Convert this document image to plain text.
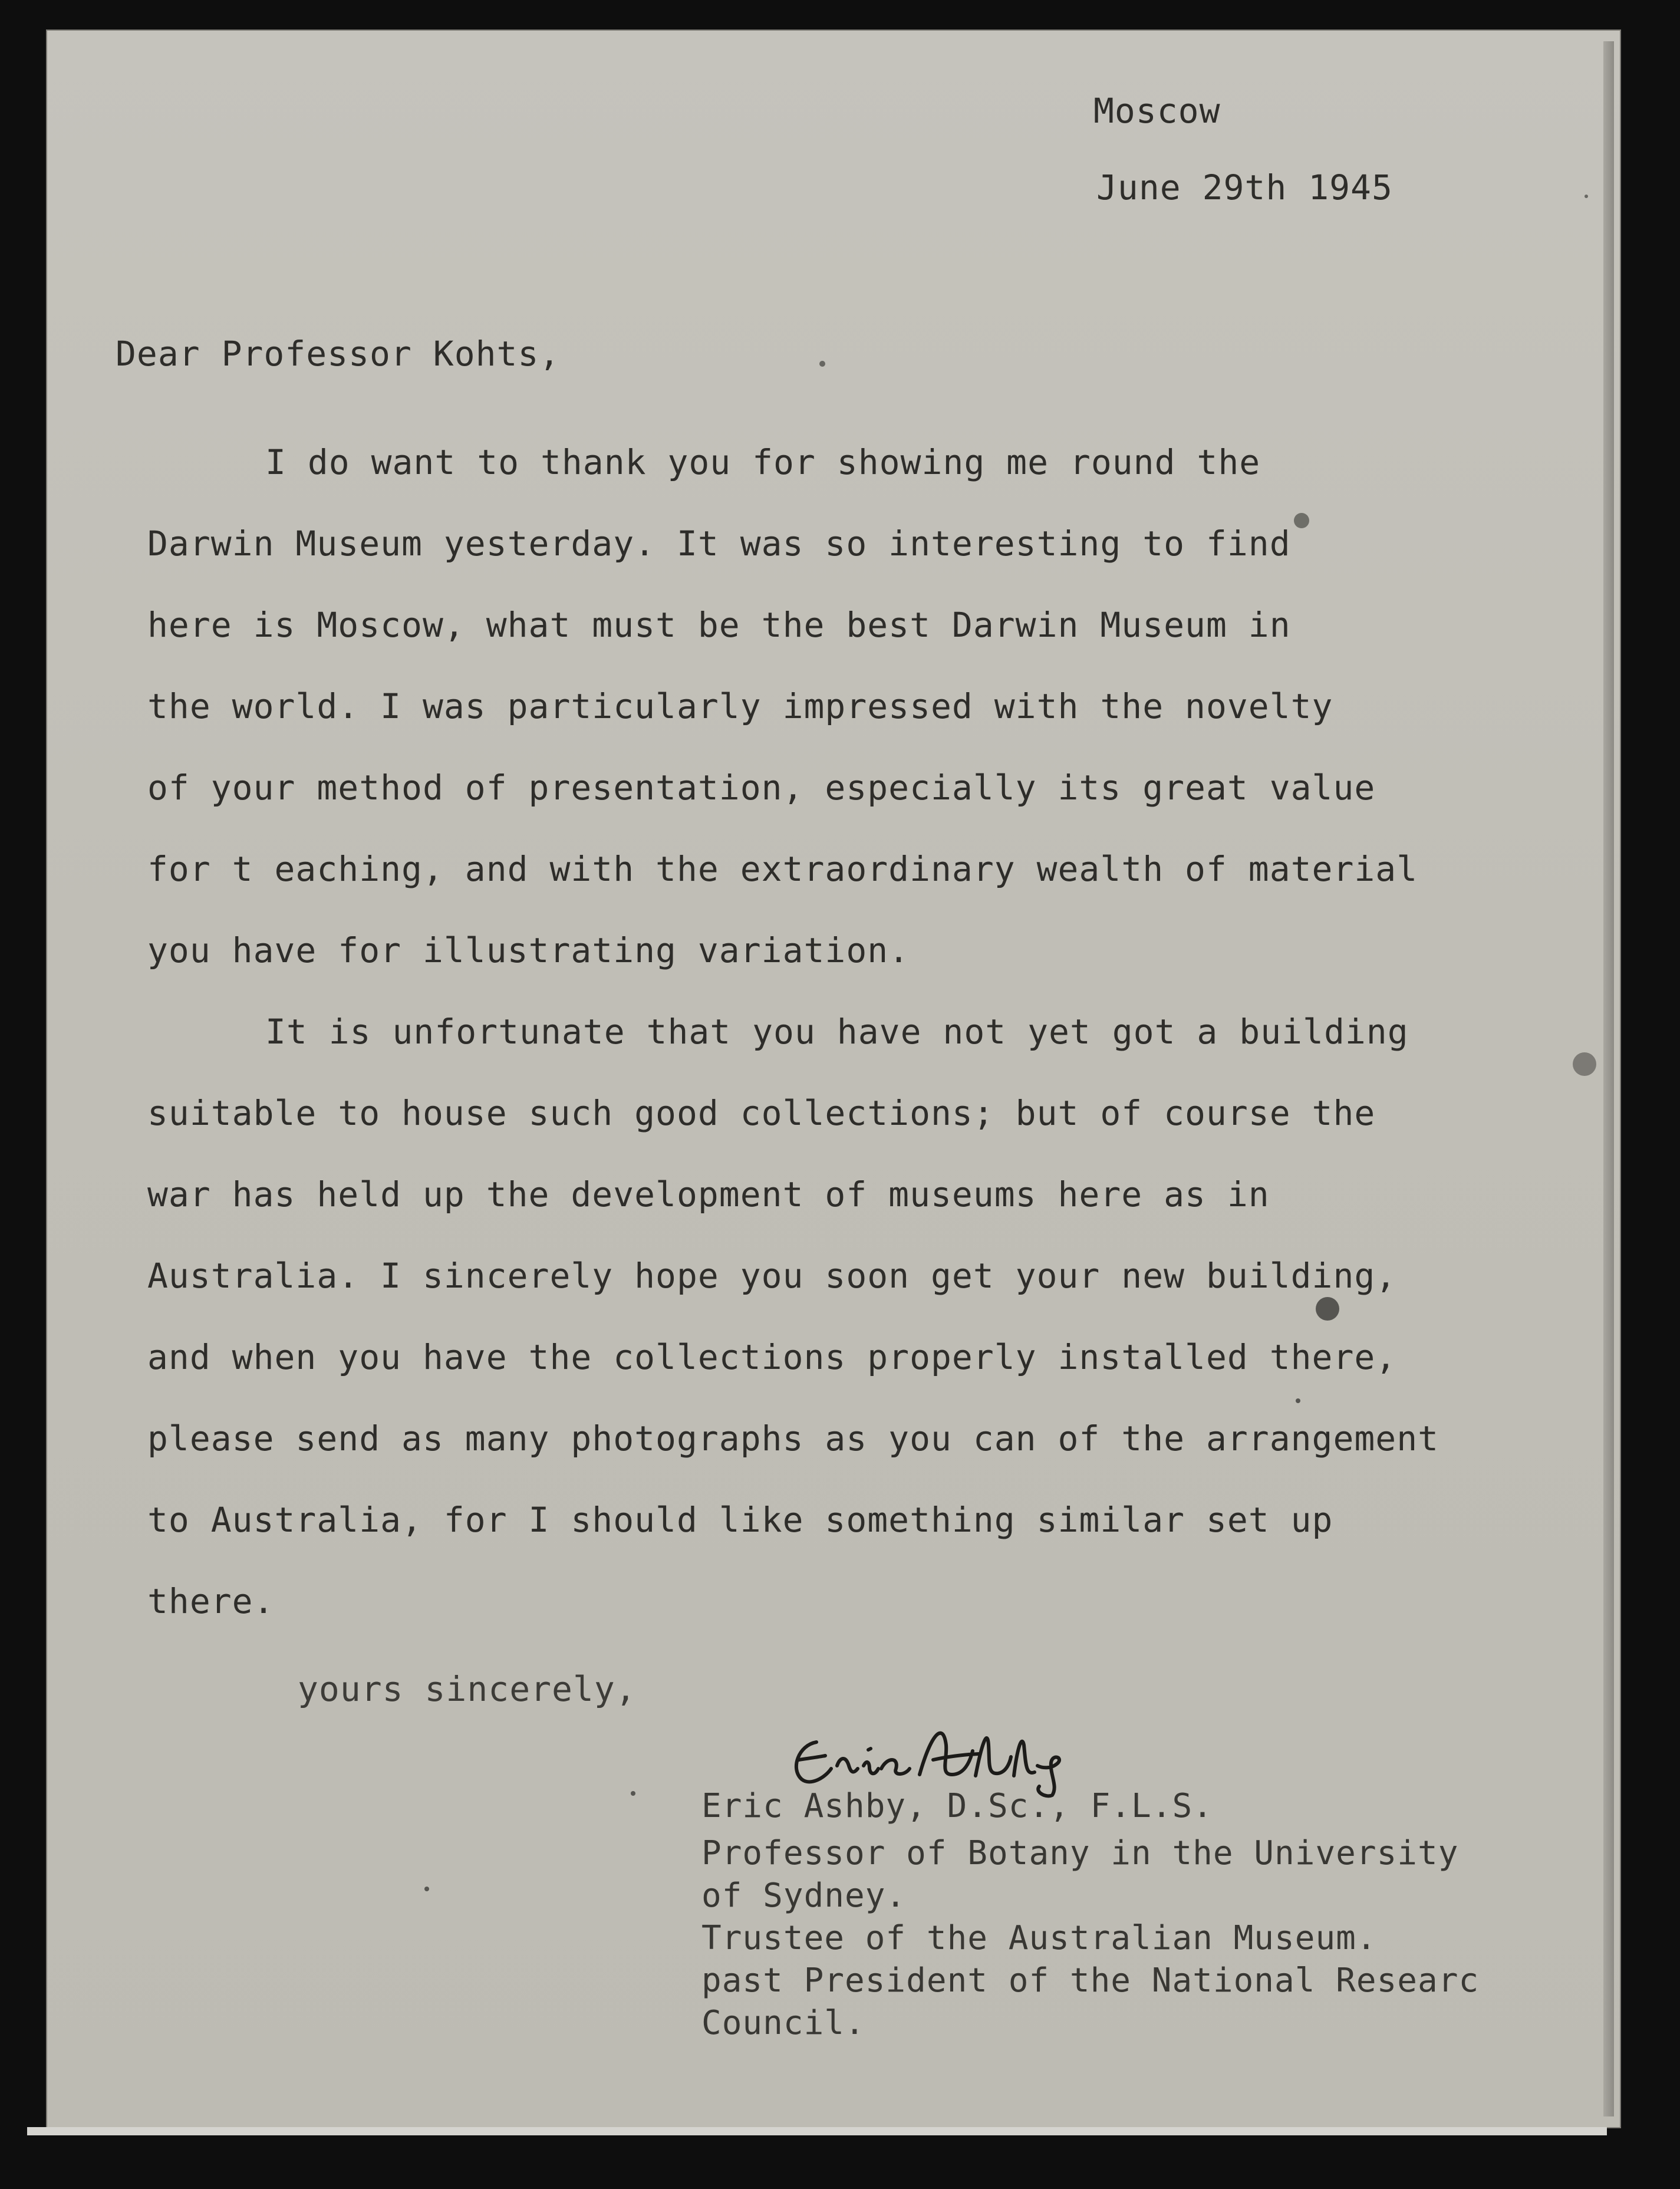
Moscow
June 29th 1945
Dear Professor Kohts,
I do want to thank you for showing me round the
Darwin Museum yesterday. It was so interesting to find
here is Moscow, what must be the best Darwin Museum in
the world. I was particularly impressed with the novelty
of your method of presentation, especially its great value
for t eaching, and with the extraordinary wealth of material
you have for illustrating variation.
It is unfortunate that you have not yet got a building
suitable to house such good collections; but of course the
war has held up the development of museums here as in
Australia. I sincerely hope you soon get your new building,
and when you have the collections properly installed there,
please send as many photographs as you can of the arrangement
to Australia, for I should like something similar set up
there.
yours sincerely,
Eric Ashby, D.Sc., F.L.S.
Professor of Botany in the University
of Sydney.
Trustee of the Australian Museum.
past President of the National Researc
Council.
